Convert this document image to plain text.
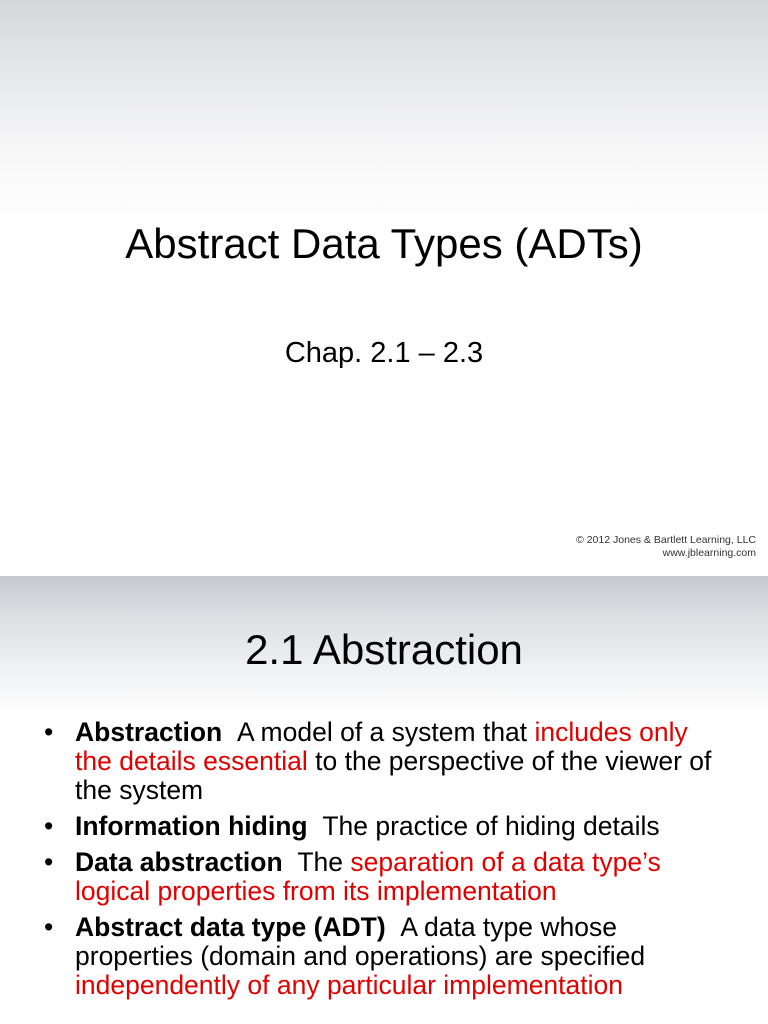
Abstract Data Types (ADTs)
Chap. 2.1 – 2.3
© 2012 Jones & Bartlett Learning, LLC
www.jblearning.com
2.1 Abstraction
• Abstraction A model of a system that includes only the details essential to the perspective of the viewer of the system
• Information hiding The practice of hiding details
• Data abstraction The separation of a data type’s logical properties from its implementation
• Abstract data type (ADT) A data type whose properties (domain and operations) are specified independently of any particular implementation
